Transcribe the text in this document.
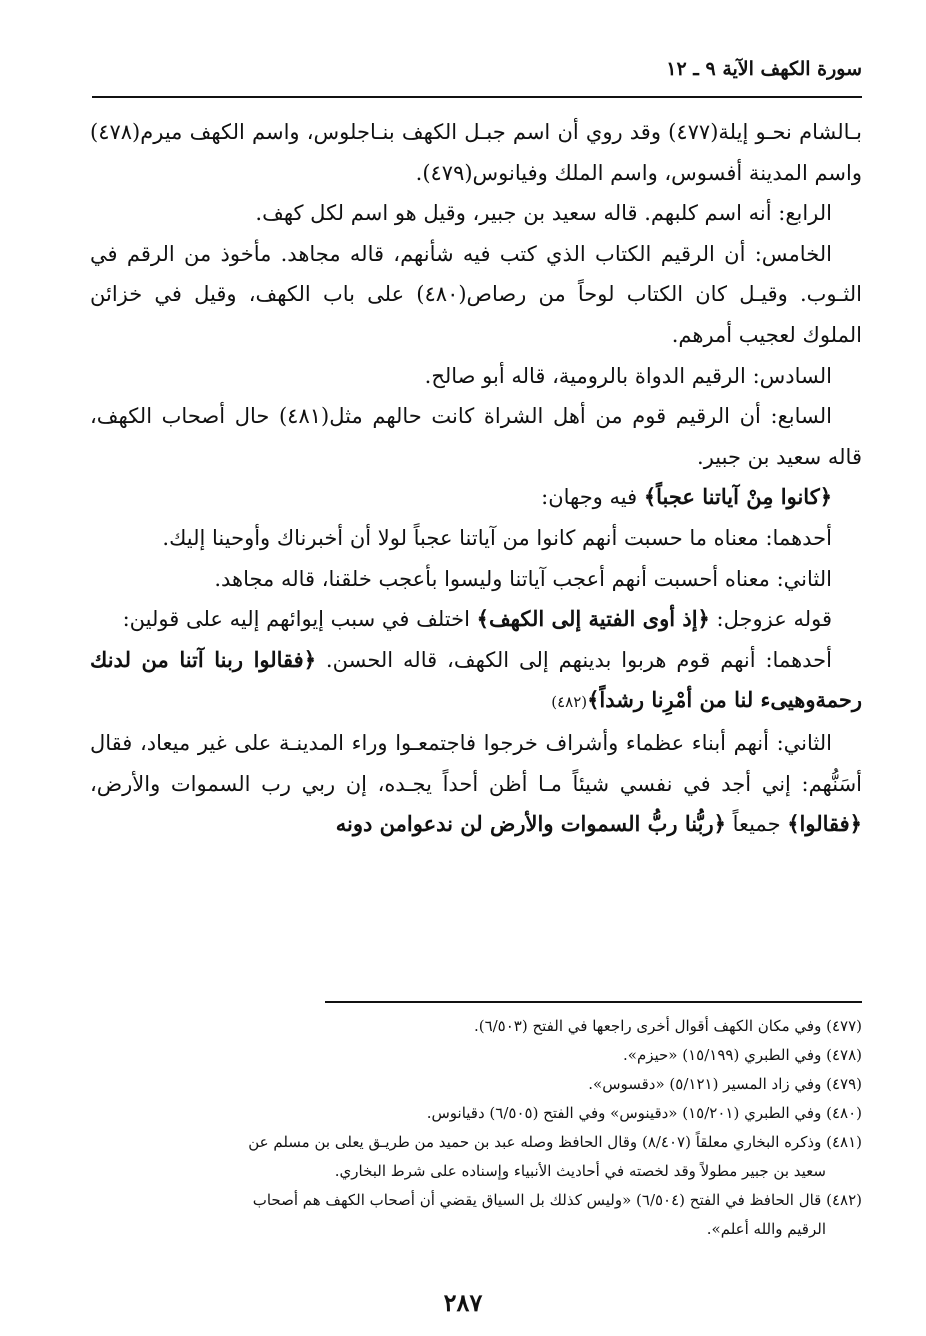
سورة الكهف الآية ٩ ـ ١٢

بـالشام نحـو إيلة(٤٧٧) وقد روي أن اسم جبـل الكهف بنـاجلوس، واسم الكهف ميرم(٤٧٨) واسم المدينة أفسوس، واسم الملك وفيانوس(٤٧٩).

الرابع: أنه اسم كلبهم. قاله سعيد بن جبير، وقيل هو اسم لكل كهف.

الخامس: أن الرقيم الكتاب الذي كتب فيه شأنهم، قاله مجاهد. مأخوذ من الرقم في الثـوب. وقيـل كان الكتاب لوحاً من رصاص(٤٨٠) على باب الكهف، وقيل في خزائن الملوك لعجيب أمرهم.

السادس: الرقيم الدواة بالرومية، قاله أبو صالح.

السابع: أن الرقيم قوم من أهل الشراة كانت حالهم مثل(٤٨١) حال أصحاب الكهف، قاله سعيد بن جبير.

﴿كانوا مِنْ آياتنا عجباً﴾ فيه وجهان:

أحدهما: معناه ما حسبت أنهم كانوا من آياتنا عجباً لولا أن أخبرناك وأوحينا إليك.

الثاني: معناه أحسبت أنهم أعجب آياتنا وليسوا بأعجب خلقنا، قاله مجاهد.

قوله عزوجل: ﴿إذ أوى الفتية إلى الكهف﴾ اختلف في سبب إيوائهم إليه على قولين:

أحدهما: أنهم قوم هربوا بدينهم إلى الكهف، قاله الحسن. ﴿فقالوا ربنا آتنا من لدنك رحمةوهيىء لنا من أمْرِنا رشداً﴾(٤٨٢)

الثاني: أنهم أبناء عظماء وأشراف خرجوا فاجتمعـوا وراء المدينـة على غير ميعاد، فقال أسَنُّهم: إني أجد في نفسي شيئاً مـا أظن أحداً يجـده، إن ربي رب السموات والأرض، ﴿فقالوا﴾ جميعاً ﴿ربُّنا ربُّ السموات والأرض لن ندعوامن دونه

(٤٧٧) وفي مكان الكهف أقوال أخرى راجعها في الفتح (٦/٥٠٣).

(٤٧٨) وفي الطبري (١٥/١٩٩) «حيزم».

(٤٧٩) وفي زاد المسير (٥/١٢١) «دقسوس».

(٤٨٠) وفي الطبري (١٥/٢٠١) «دقينوس» وفي الفتح (٦/٥٠٥) دقيانوس.

(٤٨١) وذكره البخاري معلقاً (٨/٤٠٧) وقال الحافظ وصله عبد بن حميد من طريـق يعلى بن مسلم عن

سعيد بن جبير مطولاً وقد لخصته في أحاديث الأنبياء وإسناده على شرط البخاري.

(٤٨٢) قال الحافظ في الفتح (٦/٥٠٤) «وليس كذلك بل السياق يقضي أن أصحاب الكهف هم أصحاب

الرقيم والله أعلم».

٢٨٧
